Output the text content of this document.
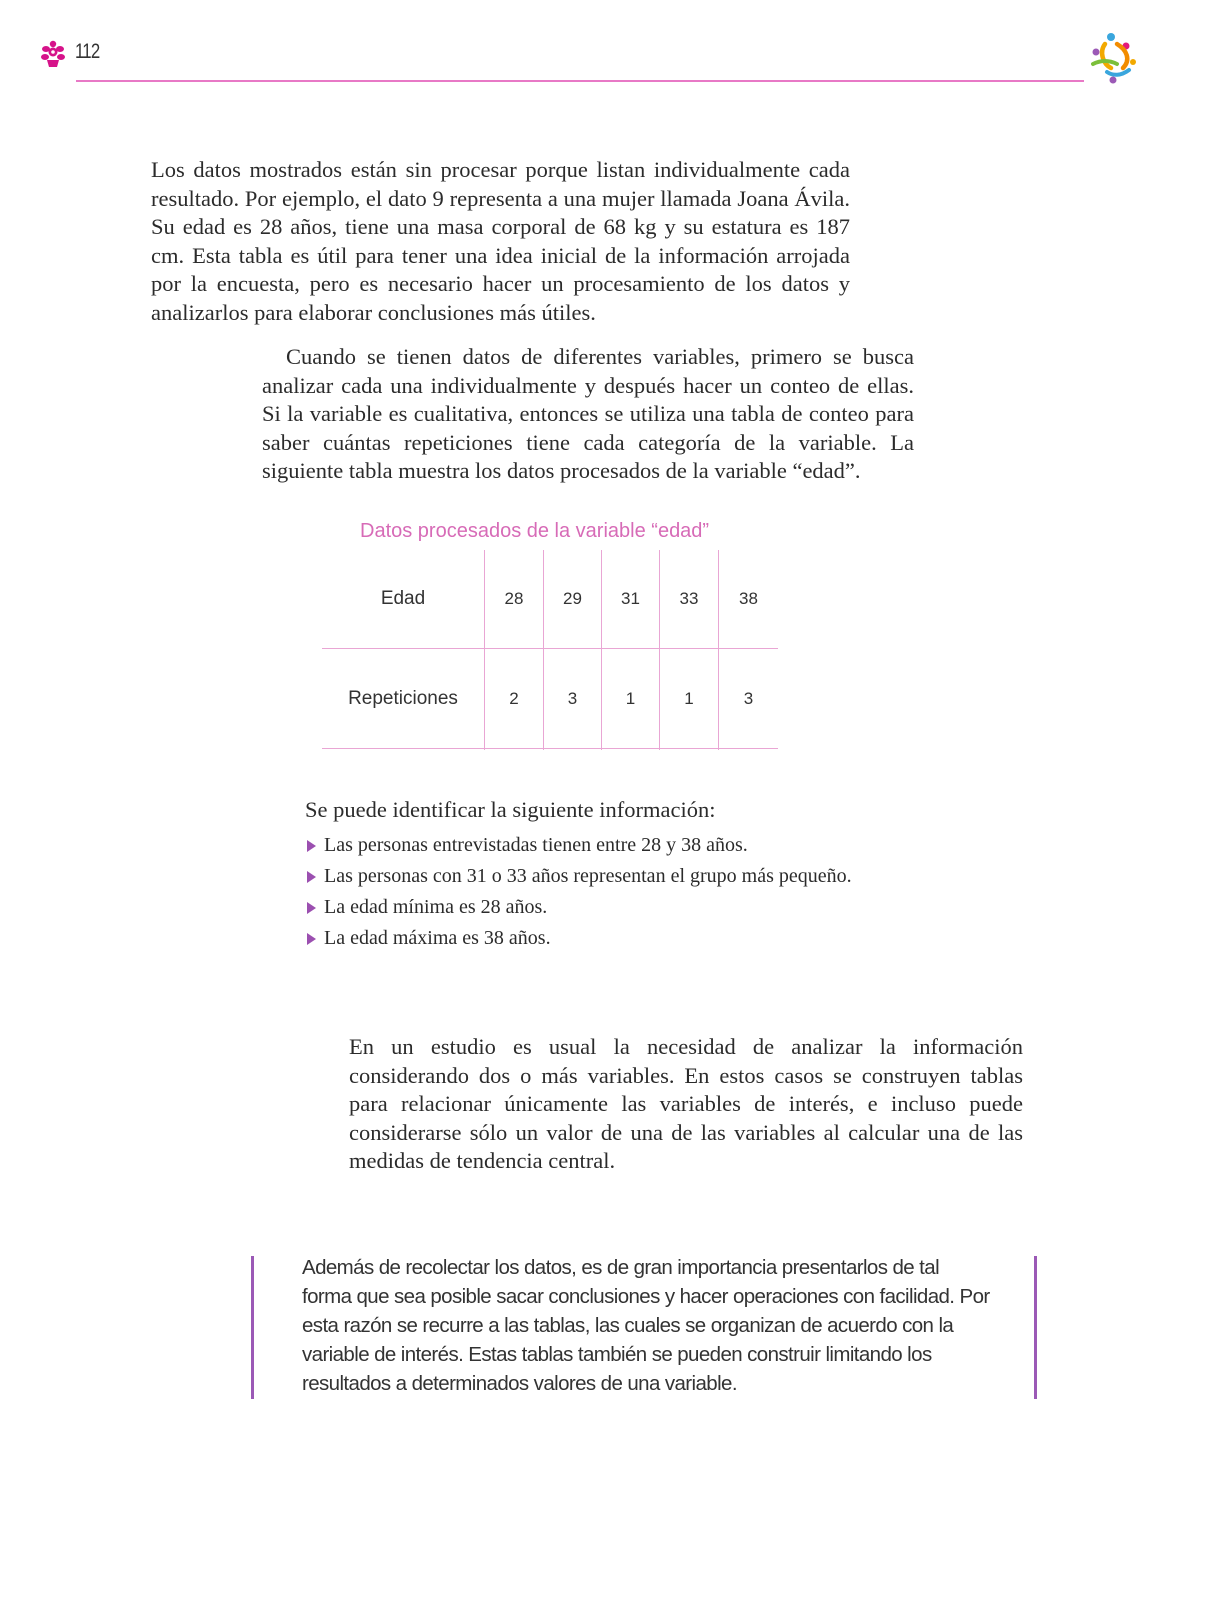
112

Los datos mostrados están sin procesar porque listan individualmente cada resultado. Por ejemplo, el dato 9 representa a una mujer llamada Joana Ávila. Su edad es 28 años, tiene una masa corporal de 68 kg y su estatura es 187 cm. Esta tabla es útil para tener una idea inicial de la información arrojada por la encuesta, pero es necesario hacer un procesamiento de los datos y analizarlos para elaborar conclusiones más útiles.

Cuando se tienen datos de diferentes variables, primero se busca analizar cada una individualmente y después hacer un conteo de ellas. Si la variable es cualitativa, entonces se utiliza una tabla de conteo para saber cuántas repeticiones tiene cada categoría de la variable. La siguiente tabla muestra los datos procesados de la variable “edad”.

Datos procesados de la variable “edad”
Edad	28	29	31	33	38
Repeticiones	2	3	1	1	3

Se puede identificar la siguiente información:

Las personas entrevistadas tienen entre 28 y 38 años.
Las personas con 31 o 33 años representan el grupo más pequeño.
La edad mínima es 28 años.
La edad máxima es 38 años.

En un estudio es usual la necesidad de analizar la información considerando dos o más variables. En estos casos se construyen tablas para relacionar únicamente las variables de interés, e incluso puede considerarse sólo un valor de una de las variables al calcular una de las medidas de tendencia central.

Además de recolectar los datos, es de gran importancia presentarlos de tal forma que sea posible sacar conclusiones y hacer operaciones con facilidad. Por esta razón se recurre a las tablas, las cuales se organizan de acuerdo con la variable de interés. Estas tablas también se pueden construir limitando los resultados a determinados valores de una variable.
